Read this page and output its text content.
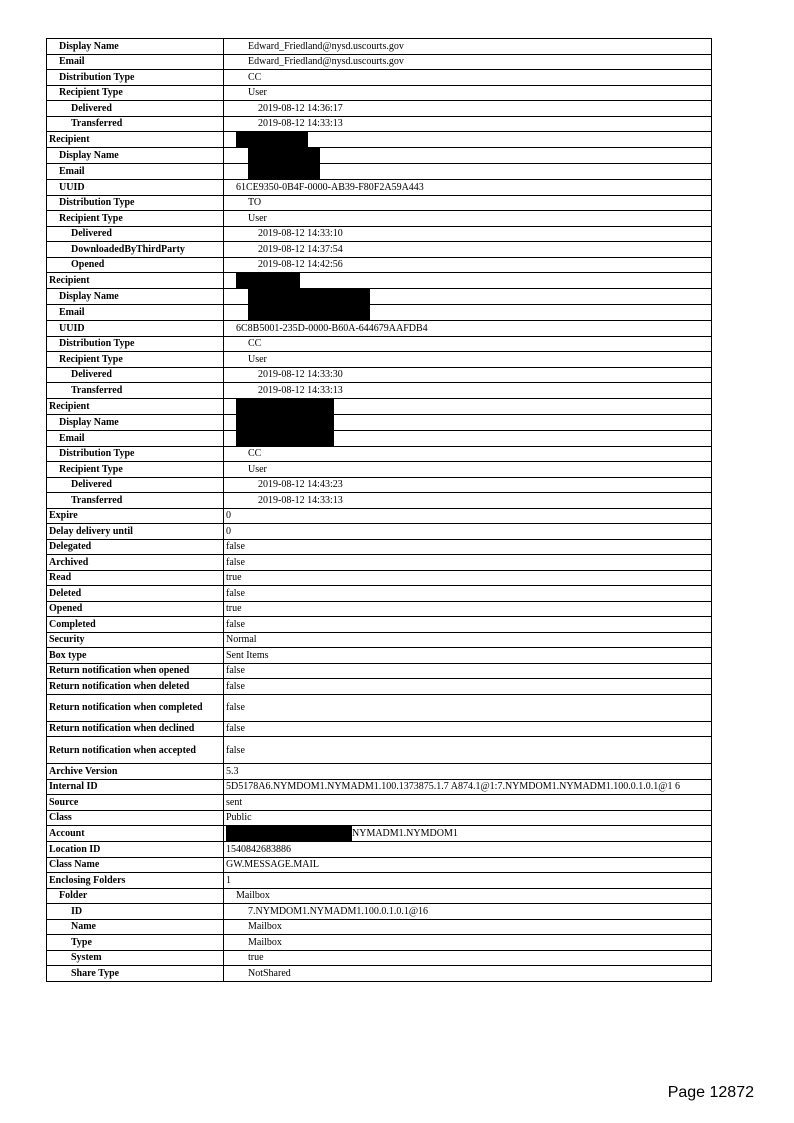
Display Name	Edward_Friedland@nysd.uscourts.gov
Email	Edward_Friedland@nysd.uscourts.gov
Distribution Type	CC
Recipient Type	User
Delivered	2019-08-12 14:36:17
Transferred	2019-08-12 14:33:13
Recipient	
Display Name	
Email	
UUID	61CE9350-0B4F-0000-AB39-F80F2A59A443
Distribution Type	TO
Recipient Type	User
Delivered	2019-08-12 14:33:10
DownloadedByThirdParty	2019-08-12 14:37:54
Opened	2019-08-12 14:42:56
Recipient	
Display Name	
Email	
UUID	6C8B5001-235D-0000-B60A-644679AAFDB4
Distribution Type	CC
Recipient Type	User
Delivered	2019-08-12 14:33:30
Transferred	2019-08-12 14:33:13
Recipient	
Display Name	
Email	
Distribution Type	CC
Recipient Type	User
Delivered	2019-08-12 14:43:23
Transferred	2019-08-12 14:33:13
Expire	0
Delay delivery until	0
Delegated	false
Archived	false
Read	true
Deleted	false
Opened	true
Completed	false
Security	Normal
Box type	Sent Items
Return notification when opened	false
Return notification when deleted	false
Return notification when completed	false
Return notification when declined	false
Return notification when accepted	false
Archive Version	5.3
Internal ID	5D5178A6.NYMDOM1.NYMADM1.100.1373875.1.7 A874.1@1:7.NYMDOM1.NYMADM1.100.0.1.0.1@1 6
Source	sent
Class	Public
Account	NYMADM1.NYMDOM1
Location ID	1540842683886
Class Name	GW.MESSAGE.MAIL
Enclosing Folders	1
Folder	Mailbox
ID	7.NYMDOM1.NYMADM1.100.0.1.0.1@16
Name	Mailbox
Type	Mailbox
System	true
Share Type	NotShared
Page 12872
